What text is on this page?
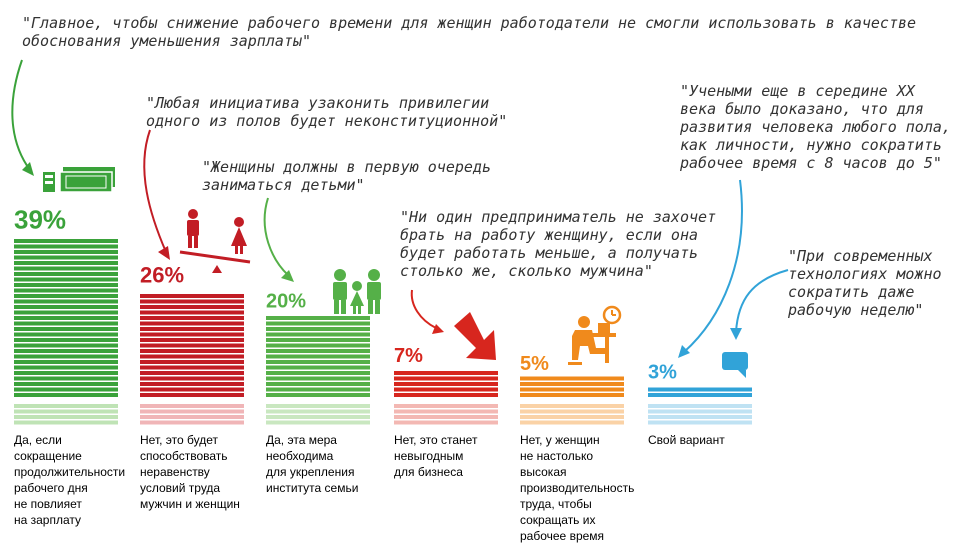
39%
26%
20%
7%	5%	3%
"Главное, чтобы снижение рабочего времени для женщин работодатели не смогли использовать в качестве
обоснования уменьшения зарплаты"
"Любая инициатива узаконить привилегии
одного из полов будет неконституционной"
"Женщины должны в первую очередь
заниматься детьми"
"Ни один предприниматель не захочет
брать на работу женщину, если она
будет работать меньше, а получать
столько же, сколько мужчина"
"Учеными еще в середине XX
века было доказано, что для
развития человека любого пола,
как личности, нужно сократить
рабочее время с 8 часов до 5"
"При современных
технологиях можно
сократить даже
рабочую неделю"
Да, если
сокращение
продолжительности
рабочего дня
не повлияет
на зарплату
Нет, это будет
способствовать
неравенству
условий труда
мужчин и женщин
Да, эта мера
необходима
для укрепления
института семьи
Нет, это станет
невыгодным
для бизнеса
Нет, у женщин
не настолько
высокая
производительность
труда, чтобы
сокращать их
рабочее время
Свой вариант
